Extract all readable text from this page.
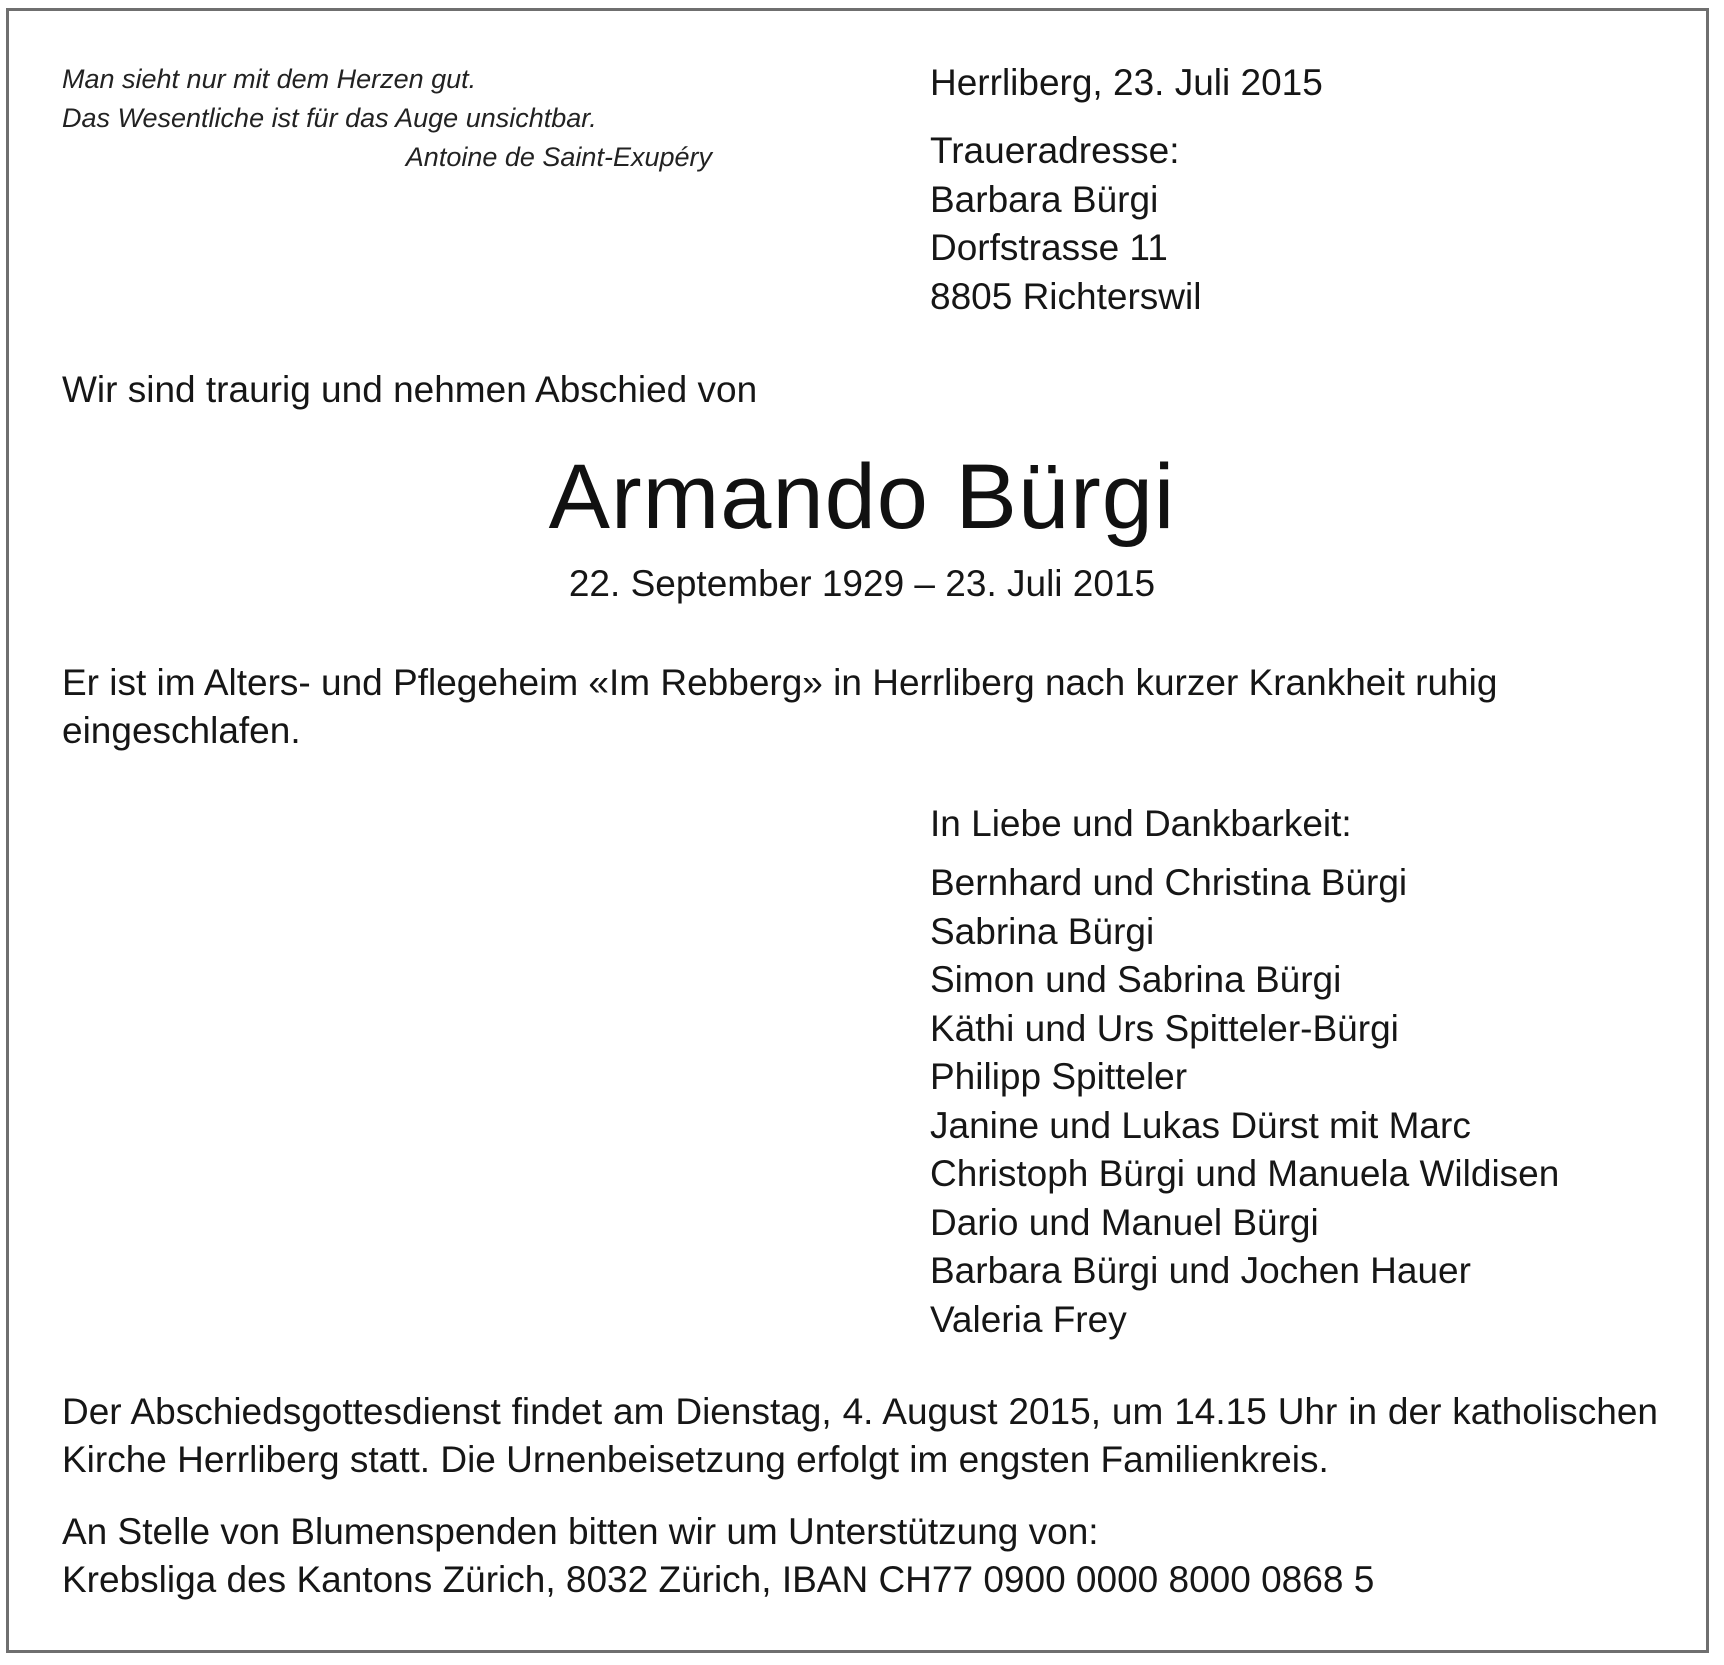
Man sieht nur mit dem Herzen gut.
Das Wesentliche ist für das Auge unsichtbar.
Antoine de Saint-Exupéry
Herrliberg, 23. Juli 2015
Traueradresse:
Barbara Bürgi
Dorfstrasse 11
8805 Richterswil
Wir sind traurig und nehmen Abschied von
Armando Bürgi
22. September 1929 – 23. Juli 2015
Er ist im Alters- und Pflegeheim «Im Rebberg» in Herrliberg nach kurzer Krankheit ruhig eingeschlafen.
In Liebe und Dankbarkeit:
Bernhard und Christina Bürgi
Sabrina Bürgi
Simon und Sabrina Bürgi
Käthi und Urs Spitteler-Bürgi
Philipp Spitteler
Janine und Lukas Dürst mit Marc
Christoph Bürgi und Manuela Wildisen
Dario und Manuel Bürgi
Barbara Bürgi und Jochen Hauer
Valeria Frey
Der Abschiedsgottesdienst findet am Dienstag, 4. August 2015, um 14.15 Uhr in der katholischen Kirche Herrliberg statt. Die Urnenbeisetzung erfolgt im engsten Familienkreis.
An Stelle von Blumenspenden bitten wir um Unterstützung von:
Krebsliga des Kantons Zürich, 8032 Zürich, IBAN CH77 0900 0000 8000 0868 5
